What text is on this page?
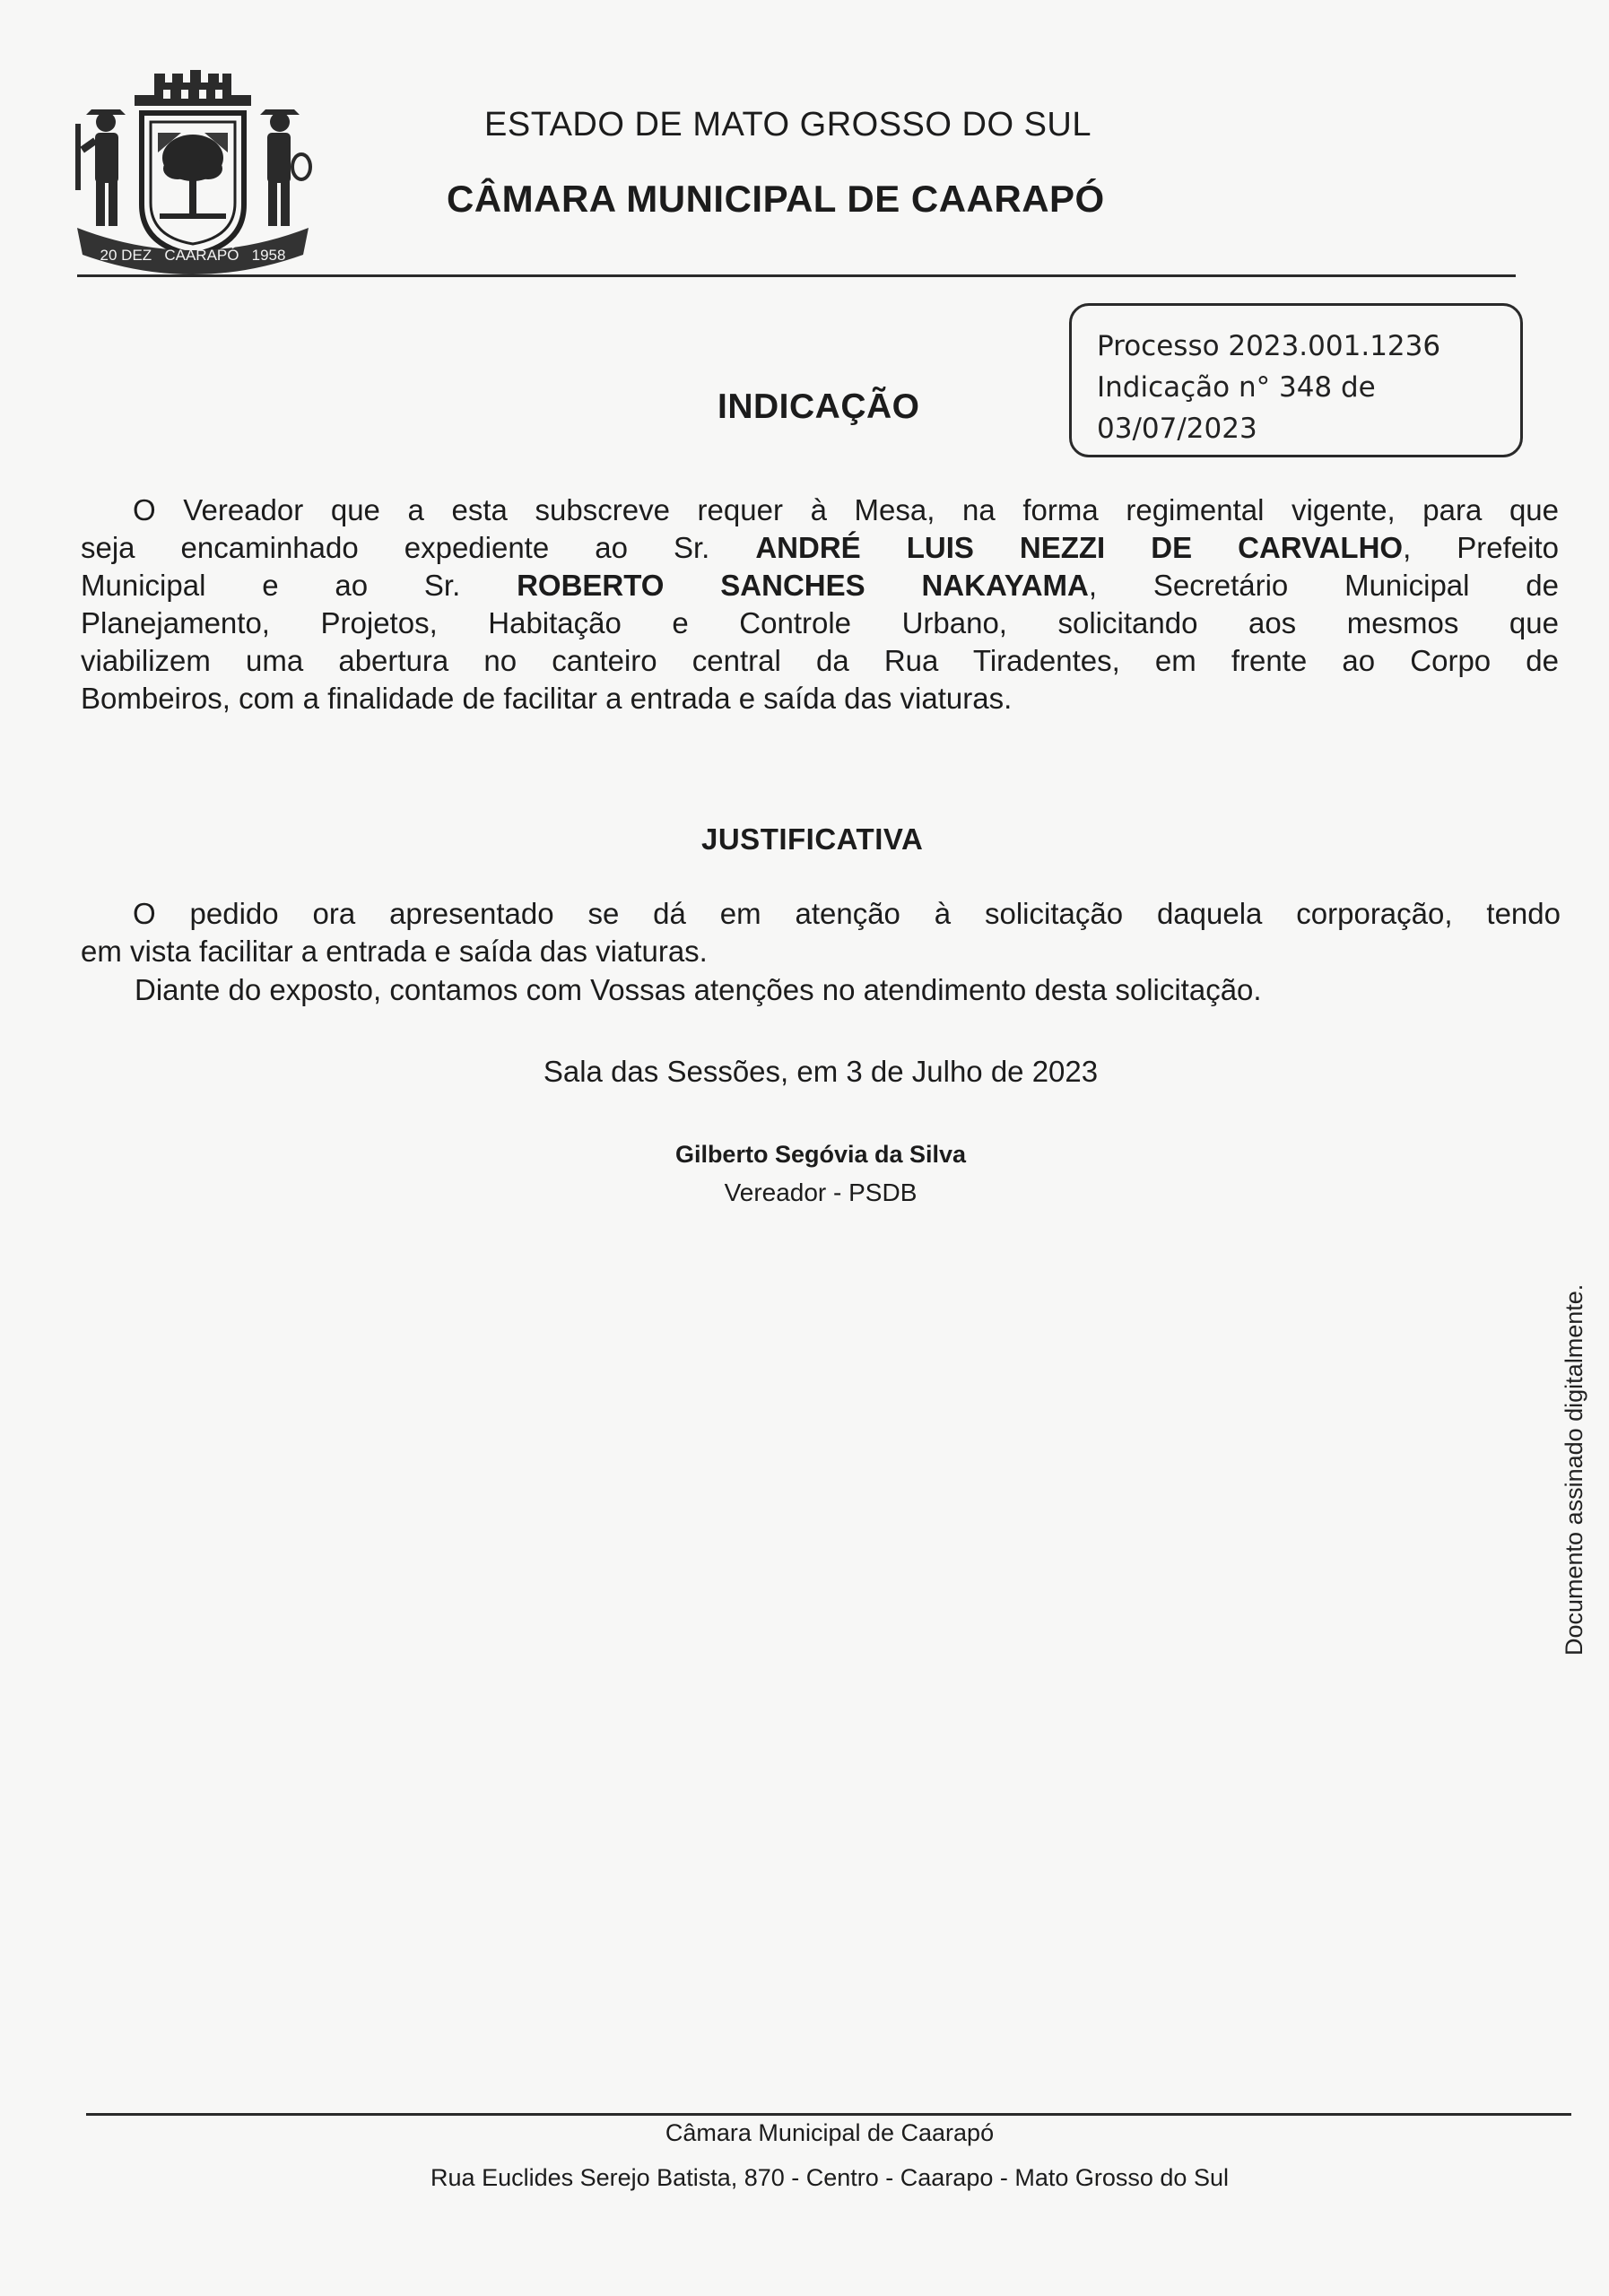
20 DEZ   CAARAPÓ   1958
ESTADO DE MATO GROSSO DO SUL
CÂMARA MUNICIPAL DE CAARAPÓ
Processo 2023.001.1236
Indicação n° 348 de
03/07/2023
INDICAÇÃO
O Vereador que a esta subscreve requer à Mesa, na forma regimental vigente, para que
seja encaminhado expediente ao Sr. ANDRÉ LUIS NEZZI DE CARVALHO, Prefeito
Municipal e ao Sr. ROBERTO SANCHES NAKAYAMA, Secretário Municipal de
Planejamento, Projetos, Habitação e Controle Urbano, solicitando aos mesmos que
viabilizem uma abertura no canteiro central da Rua Tiradentes, em frente ao Corpo de
Bombeiros, com a finalidade de facilitar a entrada e saída das viaturas.
JUSTIFICATIVA
O pedido ora apresentado se dá em atenção à solicitação daquela corporação, tendo
em vista facilitar a entrada e saída das viaturas.
Diante do exposto, contamos com Vossas atenções no atendimento desta solicitação.
Sala das Sessões, em 3 de Julho de 2023
Gilberto Segóvia da Silva
Vereador - PSDB
Documento assinado digitalmente.
Câmara Municipal de Caarapó
Rua Euclides Serejo Batista, 870 - Centro - Caarapo - Mato Grosso do Sul
